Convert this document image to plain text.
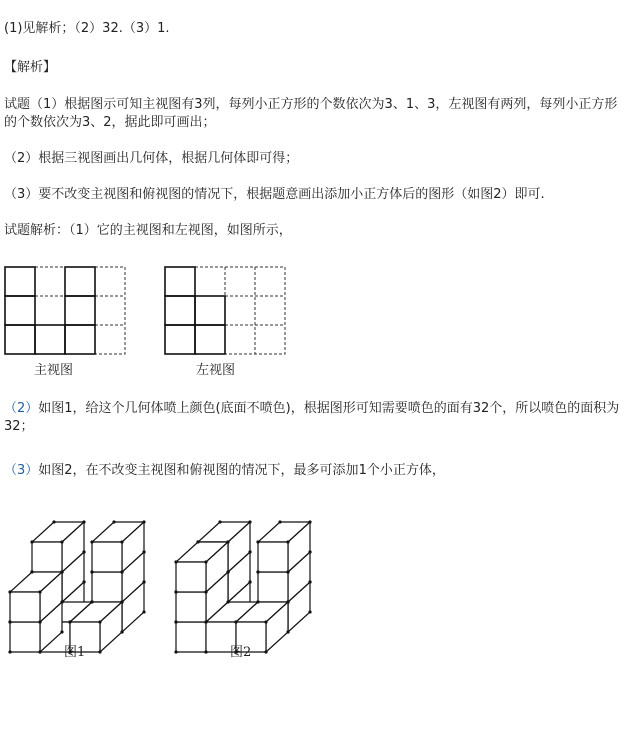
(1)见解析；（2）32.（3）1.
【解析】
试题（1）根据图示可知主视图有3列，每列小正方形的个数依次为3、1、3，左视图有两列，每列小正方形的个数依次为3、2，据此即可画出；
（2）根据三视图画出几何体，根据几何体即可得；
（3）要不改变主视图和俯视图的情况下，根据题意画出添加小正方体后的图形（如图2）即可.
试题解析：（1）它的主视图和左视图，如图所示，
主视图	左视图
（2）如图1，给这个几何体喷上颜色(底面不喷色)，根据图形可知需要喷色的面有32个，所以喷色的面积为32；
（3）如图2，在不改变主视图和俯视图的情况下，最多可添加1个小正方体，
图1	图2
